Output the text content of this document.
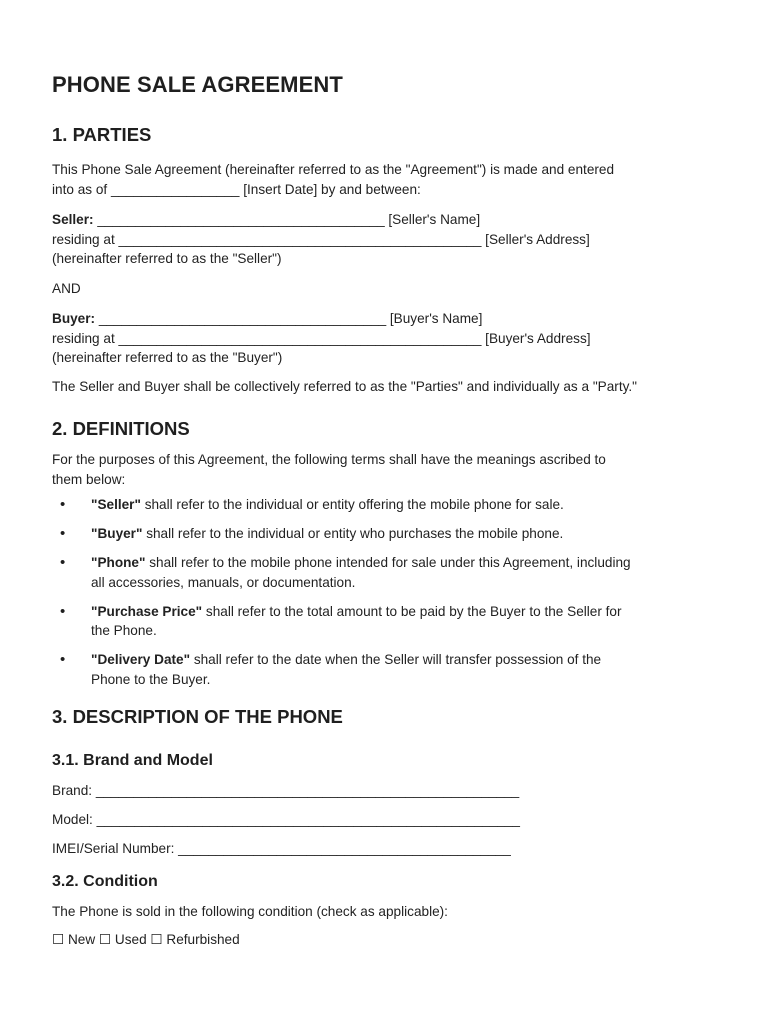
PHONE SALE AGREEMENT
1. PARTIES

This Phone Sale Agreement (hereinafter referred to as the "Agreement") is made and entered

into as of _________________ [Insert Date] by and between:

Seller: ______________________________________ [Seller's Name]

residing at ________________________________________________ [Seller's Address]

(hereinafter referred to as the "Seller")

AND

Buyer: ______________________________________ [Buyer's Name]

residing at ________________________________________________ [Buyer's Address]

(hereinafter referred to as the "Buyer")

The Seller and Buyer shall be collectively referred to as the "Parties" and individually as a "Party."

2. DEFINITIONS

For the purposes of this Agreement, the following terms shall have the meanings ascribed to

them below:

• "Seller" shall refer to the individual or entity offering the mobile phone for sale.

• "Buyer" shall refer to the individual or entity who purchases the mobile phone.

• "Phone" shall refer to the mobile phone intended for sale under this Agreement, including

all accessories, manuals, or documentation.

• "Purchase Price" shall refer to the total amount to be paid by the Buyer to the Seller for

the Phone.

• "Delivery Date" shall refer to the date when the Seller will transfer possession of the

Phone to the Buyer.

3. DESCRIPTION OF THE PHONE
3.1. Brand and Model

Brand: ________________________________________________________

Model: ________________________________________________________

IMEI/Serial Number: ____________________________________________

3.2. Condition

The Phone is sold in the following condition (check as applicable):

☐ New ☐ Used ☐ Refurbished
